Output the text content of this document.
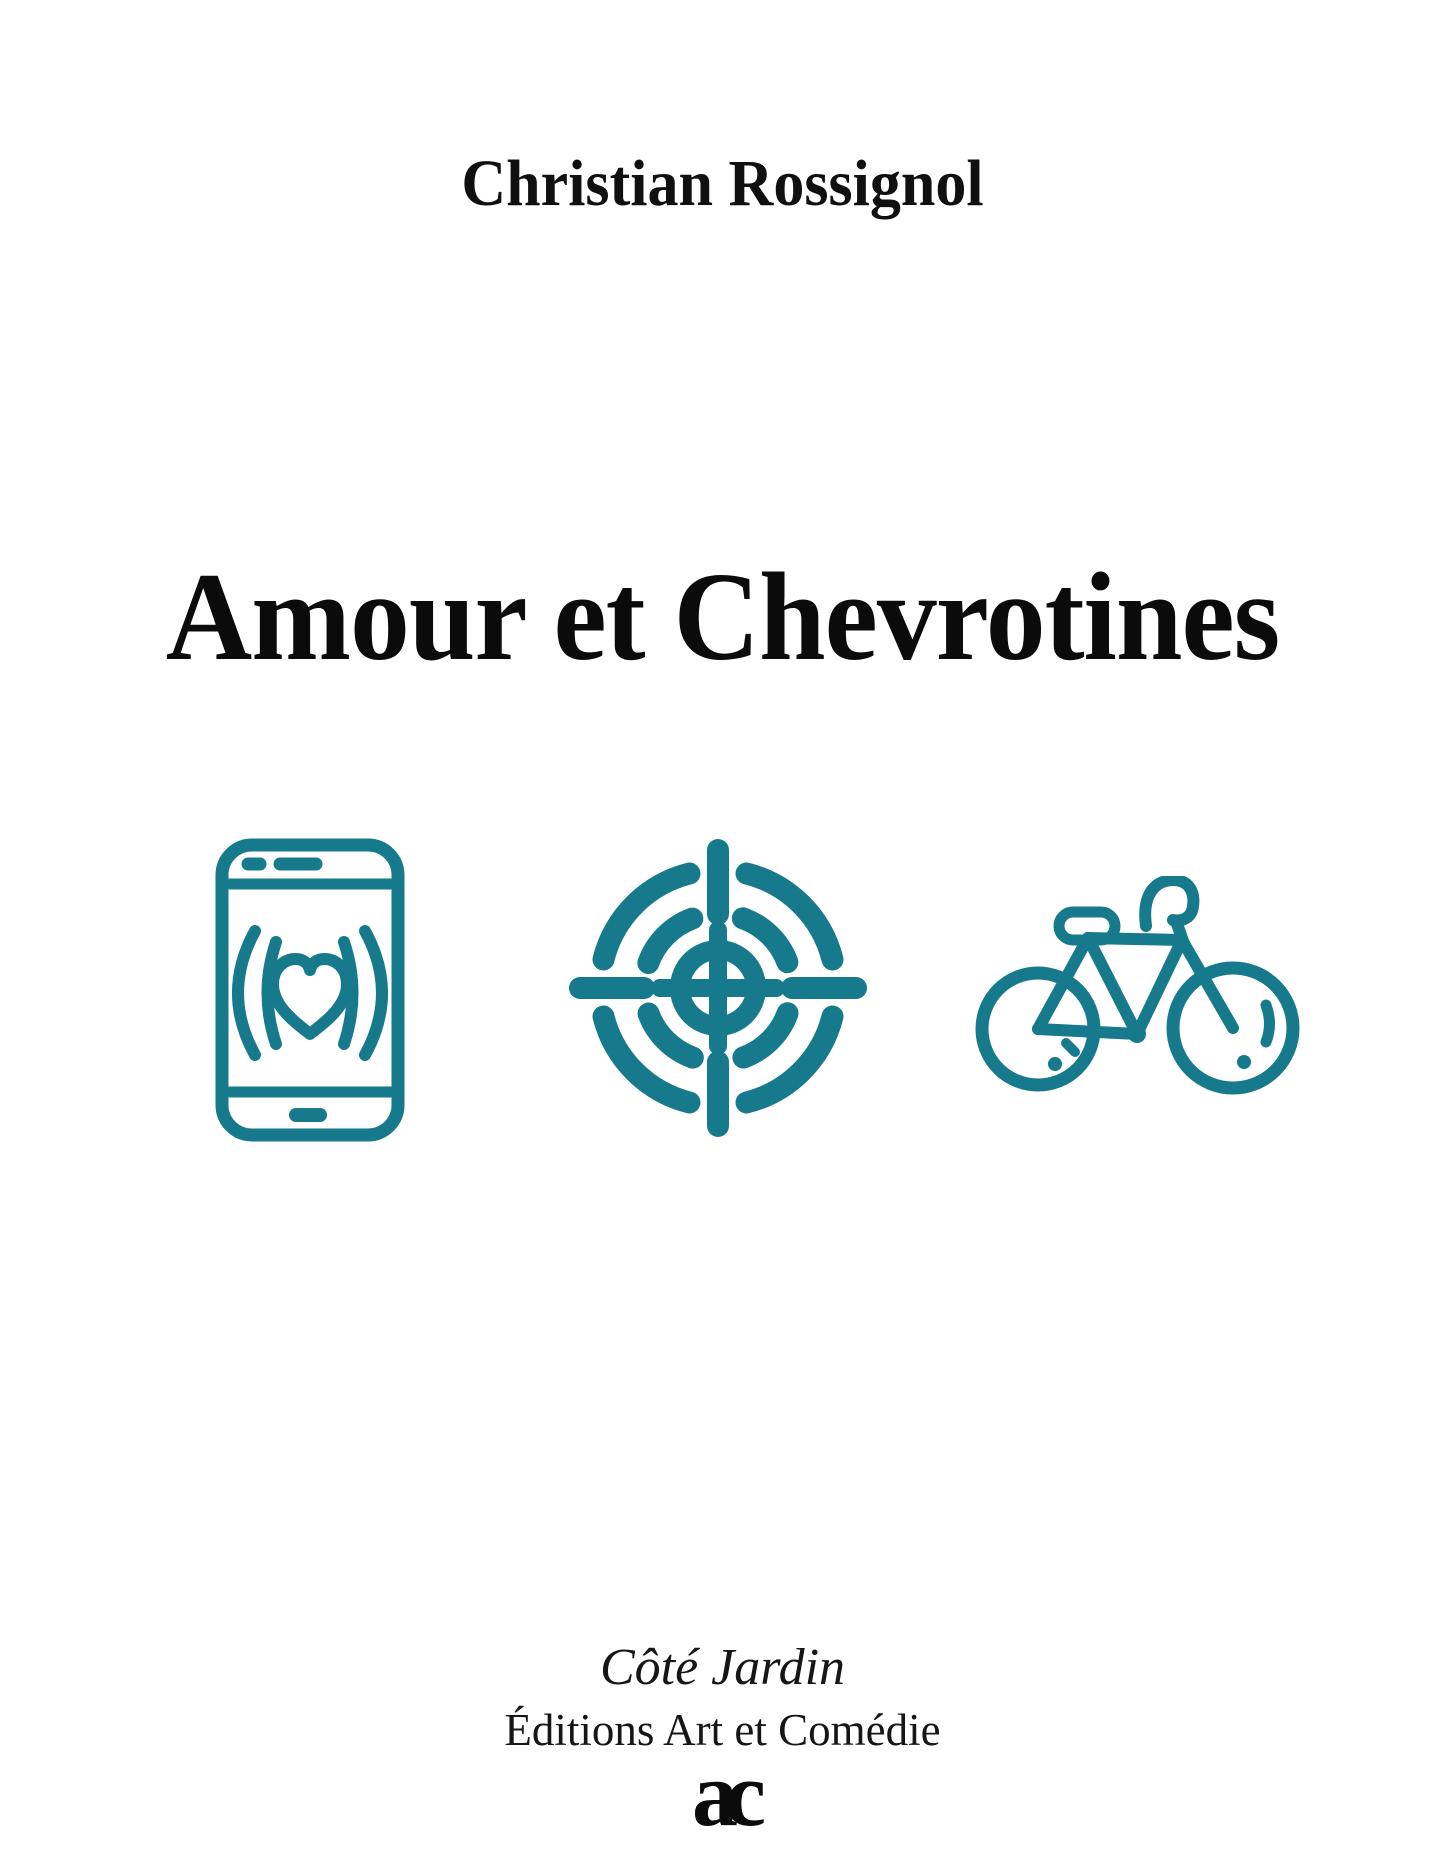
Christian Rossignol
Amour et Chevrotines
Côté Jardin
Éditions Art et Comédie
ac
